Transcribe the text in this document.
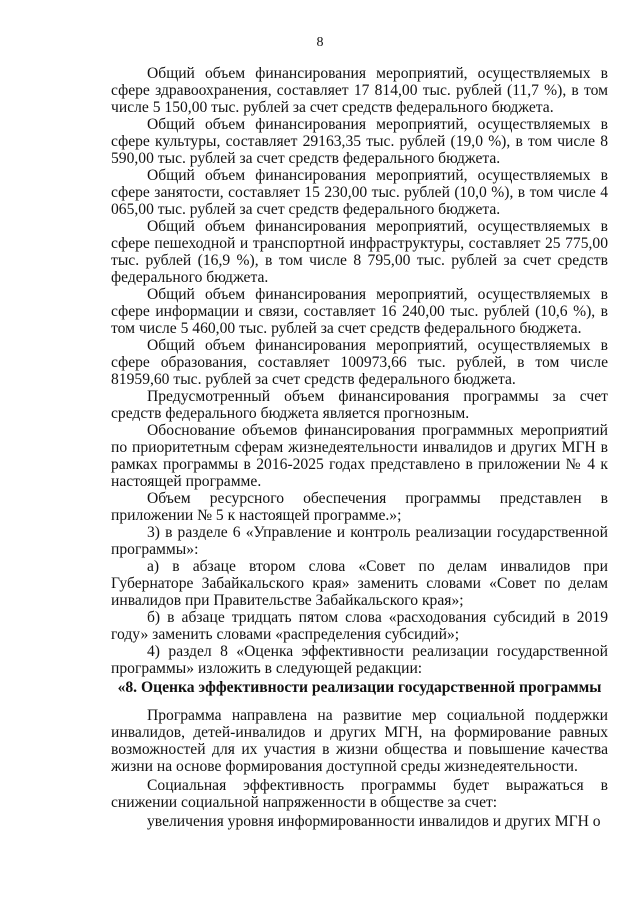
8

Общий объем финансирования мероприятий, осуществляемых в сфере здравоохранения, составляет 17 814,00 тыс. рублей (11,7 %), в том числе 5 150,00 тыс. рублей за счет средств федерального бюджета.

Общий объем финансирования мероприятий, осуществляемых в сфере культуры, составляет 29163,35 тыс. рублей (19,0 %), в том числе 8 590,00 тыс. рублей за счет средств федерального бюджета.

Общий объем финансирования мероприятий, осуществляемых в сфере занятости, составляет 15 230,00 тыс. рублей (10,0 %), в том числе 4 065,00 тыс. рублей за счет средств федерального бюджета.

Общий объем финансирования мероприятий, осуществляемых в сфере пешеходной и транспортной инфраструктуры, составляет 25 775,00 тыс. рублей (16,9 %), в том числе 8 795,00 тыс. рублей за счет средств федерального бюджета.

Общий объем финансирования мероприятий, осуществляемых в сфере информации и связи, составляет 16 240,00 тыс. рублей (10,6 %), в том числе 5 460,00 тыс. рублей за счет средств федерального бюджета.

Общий объем финансирования мероприятий, осуществляемых в сфере образования, составляет 100973,66 тыс. рублей, в том числе 81959,60 тыс. рублей за счет средств федерального бюджета.

Предусмотренный объем финансирования программы за счет средств федерального бюджета является прогнозным.

Обоснование объемов финансирования программных мероприятий по приоритетным сферам жизнедеятельности инвалидов и других МГН в рамках программы в 2016-2025 годах представлено в приложении № 4 к настоящей программе.

Объем ресурсного обеспечения программы представлен в приложении № 5 к настоящей программе.»;

3) в разделе 6 «Управление и контроль реализации государственной программы»:

а) в абзаце втором слова «Совет по делам инвалидов при Губернаторе Забайкальского края» заменить словами «Совет по делам инвалидов при Правительстве Забайкальского края»;

б) в абзаце тридцать пятом слова «расходования субсидий в 2019 году» заменить словами «распределения субсидий»;

4) раздел 8 «Оценка эффективности реализации государственной программы» изложить в следующей редакции:

«8. Оценка эффективности реализации государственной программы

Программа направлена на развитие мер социальной поддержки инвалидов, детей-инвалидов и других МГН, на формирование равных возможностей для их участия в жизни общества и повышение качества жизни на основе формирования доступной среды жизнедеятельности.

Социальная эффективность программы будет выражаться в снижении социальной напряженности в обществе за счет:

увеличения уровня информированности инвалидов и других МГН о
